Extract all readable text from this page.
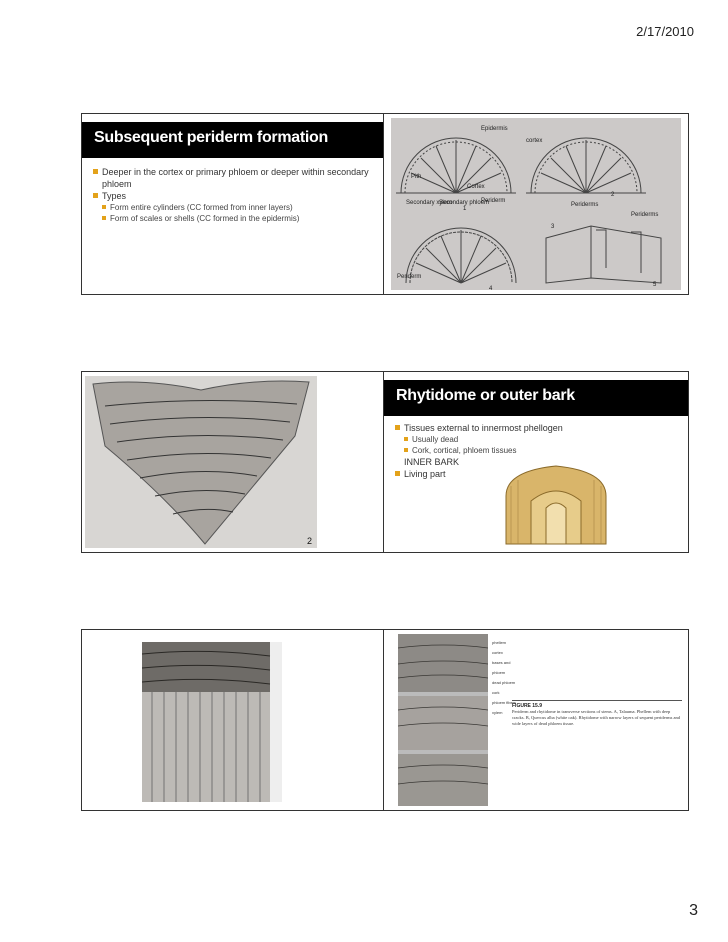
2/17/2010
Subsequent periderm formation
Deeper in the cortex or primary phloem or deeper within secondary phloem
Types
Form entire cylinders (CC formed from inner layers)
Form of scales or shells (CC formed in the epidermis)
Epidermis
Pith
Secondary xylem
Secondary phloem
Cortex
Periderm
Periderms
cortex
1
2
3
4
5
Periderm
Periderms
2
Rhytidome or outer bark
Tissues external to innermost phellogen
Usually dead
Cork, cortical, phloem tissues
INNER BARK
Living part
phellem
cortex
bases and phloem
dead phloem
cork
phloem fibers
xylem
FIGURE 15.9
Periderm and rhytidome in transverse sections of stems. A, Talauma. Phellem with deep cracks. B, Quercus alba (white oak). Rhytidome with narrow layers of sequent periderms and wide layers of dead phloem tissue.
3
